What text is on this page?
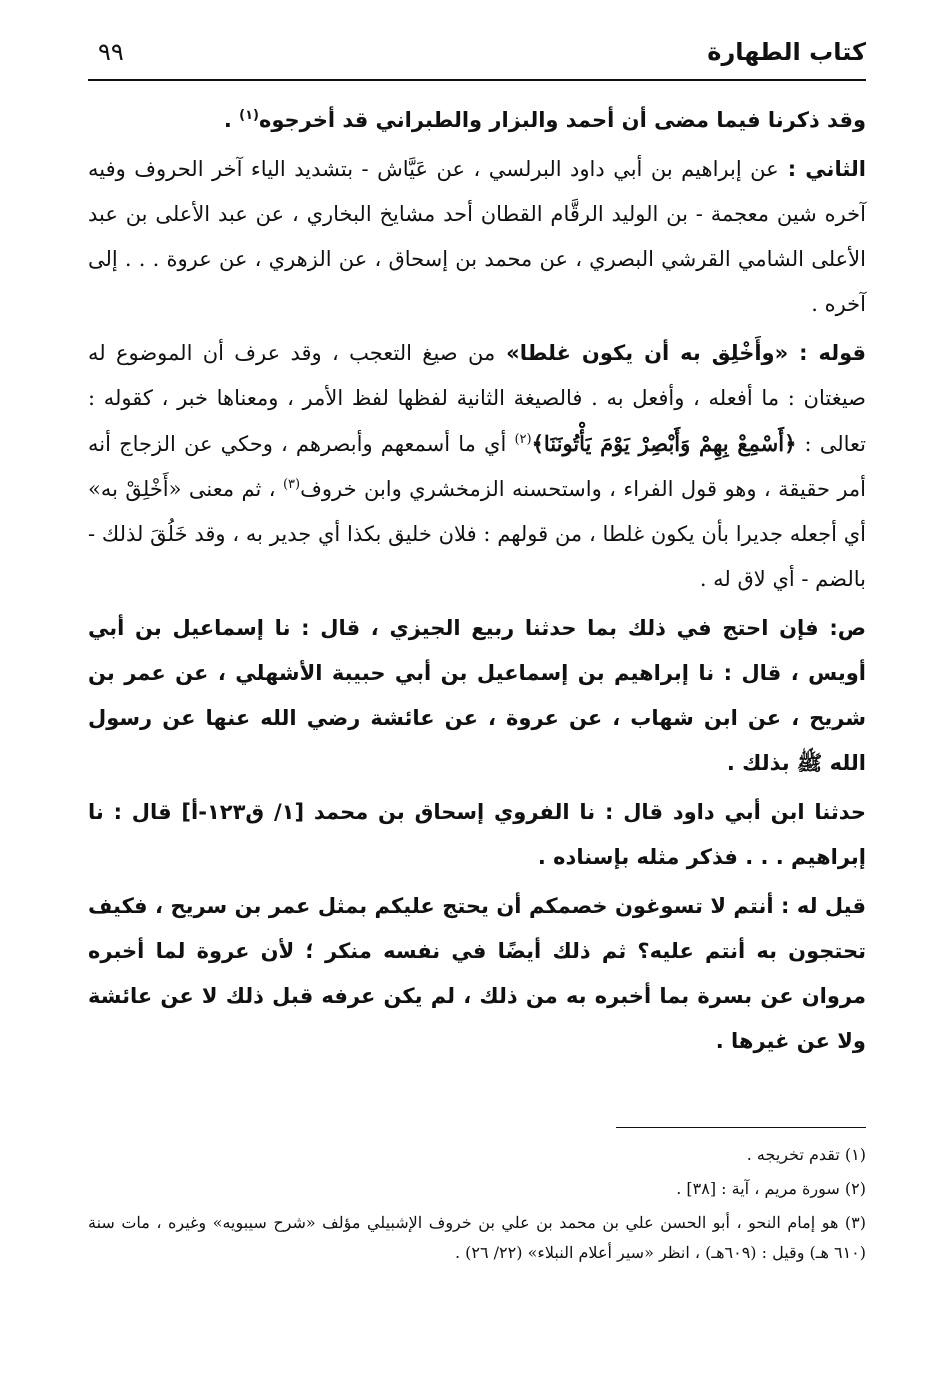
كتاب الطهارة
٩٩

وقد ذكرنا فيما مضى أن أحمد والبزار والطبراني قد أخرجوه$^{(١)}$ .

الثاني : عن إبراهيم بن أبي داود البرلسي ، عن عَيَّاش - بتشديد الياء آخر الحروف وفيه آخره شين معجمة - بن الوليد الرقَّام القطان أحد مشايخ البخاري ، عن عبد الأعلى بن عبد الأعلى الشامي القرشي البصري ، عن محمد بن إسحاق ، عن الزهري ، عن عروة . . . إلى آخره .

قوله : «وأَخْلِق به أن يكون غلطا» من صيغ التعجب ، وقد عرف أن الموضوع له صيغتان : ما أفعله ، وأفعل به . فالصيغة الثانية لفظها لفظ الأمر ، ومعناها خبر ، كقوله : تعالى : ﴿أَسْمِعْ بِهِمْ وَأَبْصِرْ يَوْمَ يَأْتُونَنَا﴾$^{(٢)}$ أي ما أسمعهم وأبصرهم ، وحكي عن الزجاج أنه أمر حقيقة ، وهو قول الفراء ، واستحسنه الزمخشري وابن خروف$^{(٣)}$ ، ثم معنى «أَخْلِقْ به» أي أجعله جديرا بأن يكون غلطا ، من قولهم : فلان خليق بكذا أي جدير به ، وقد خَلُقَ لذلك - بالضم - أي لاق له .

ص: فإن احتج في ذلك بما حدثنا ربيع الجيزي ، قال : نا إسماعيل بن أبي أويس ، قال : نا إبراهيم بن إسماعيل بن أبي حبيبة الأشهلي ، عن عمر بن شريح ، عن ابن شهاب ، عن عروة ، عن عائشة رضي الله عنها عن رسول الله ﷺ بذلك .

حدثنا ابن أبي داود قال : نا الفروي إسحاق بن محمد [١/ ق١٢٣-أ] قال : نا إبراهيم . . . فذكر مثله بإسناده .

قيل له : أنتم لا تسوغون خصمكم أن يحتج عليكم بمثل عمر بن سريح ، فكيف تحتجون به أنتم عليه؟ ثم ذلك أيضًا في نفسه منكر ؛ لأن عروة لما أخبره مروان عن بسرة بما أخبره به من ذلك ، لم يكن عرفه قبل ذلك لا عن عائشة ولا عن غيرها .

(١) تقدم تخريجه .

(٢) سورة مريم ، آية : [٣٨] .

(٣) هو إمام النحو ، أبو الحسن علي بن محمد بن علي بن خروف الإشبيلي مؤلف «شرح سيبويه» وغيره ، مات سنة (٦١٠ هـ) وقيل : (٦٠٩هـ) ، انظر «سير أعلام النبلاء» (٢٢/ ٢٦) .
